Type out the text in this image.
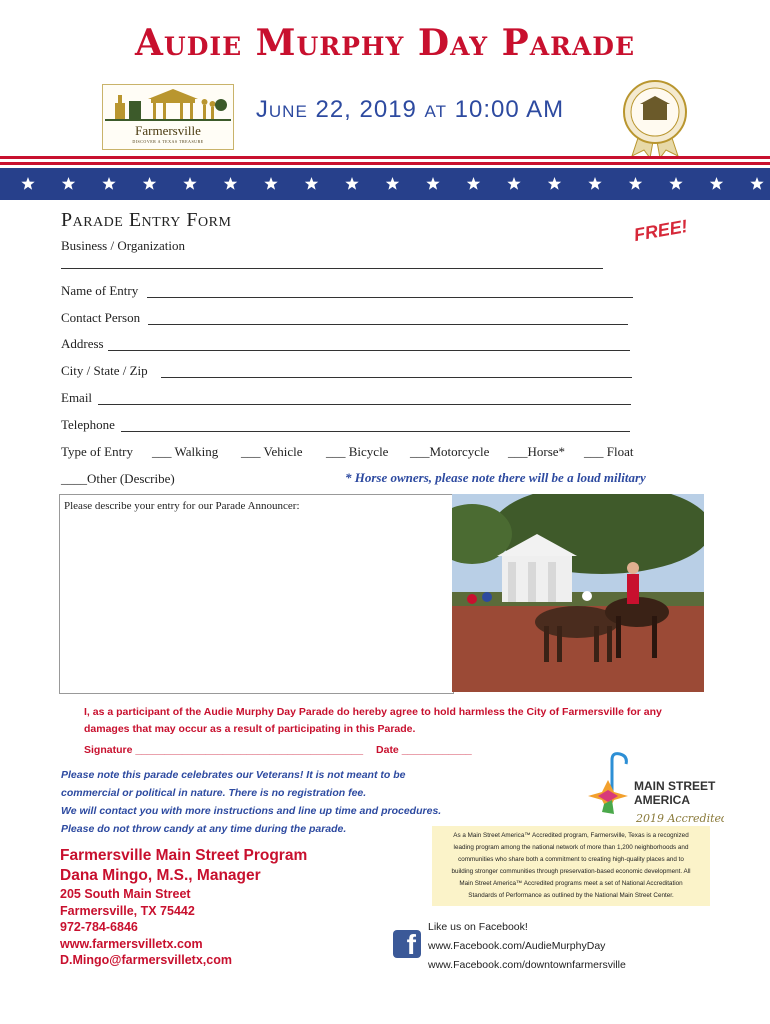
Audie Murphy Day Parade
Farmersville
DISCOVER A TEXAS TREASURE
June 22, 2019 at 10:00 AM
Parade Entry Form	FREE!
Business / Organization
Name of Entry
Contact Person
Address
City / State / Zip
Email
Telephone
Type of Entry ___ Walking ___ Vehicle ___ Bicycle ___Motorcycle ___Horse* ___ Float
____Other (Describe)	* Horse owners, please note there will be a loud military
Please describe your entry for our Parade Announcer:
I, as a participant of the Audie Murphy Day Parade do hereby agree to hold harmless the City of Farmersville for any damages that may occur as a result of participating in this Parade.
Signature _______________________________________ Date ____________
Please note this parade celebrates our Veterans! It is not meant to be
commercial or political in nature. There is no registration fee.
We will contact you with more instructions and line up time and procedures.
Please do not throw candy at any time during the parade.
MAIN STREET
AMERICA
2019 Accredited
As a Main Street America™ Accredited program, Farmersville, Texas is a recognized
leading program among the national network of more than 1,200 neighborhoods and
communities who share both a commitment to creating high-quality places and to
building stronger communities through preservation-based economic development. All
Main Street America™ Accredited programs meet a set of National Accreditation
Standards of Performance as outlined by the National Main Street Center.
Farmersville Main Street Program
Dana Mingo, M.S., Manager
205 South Main Street
Farmersville, TX 75442
972-784-6846
www.farmersvilletx.com
D.Mingo@farmersvilletx,com	f
Like us on Facebook!
www.Facebook.com/AudieMurphyDay
www.Facebook.com/downtownfarmersville
